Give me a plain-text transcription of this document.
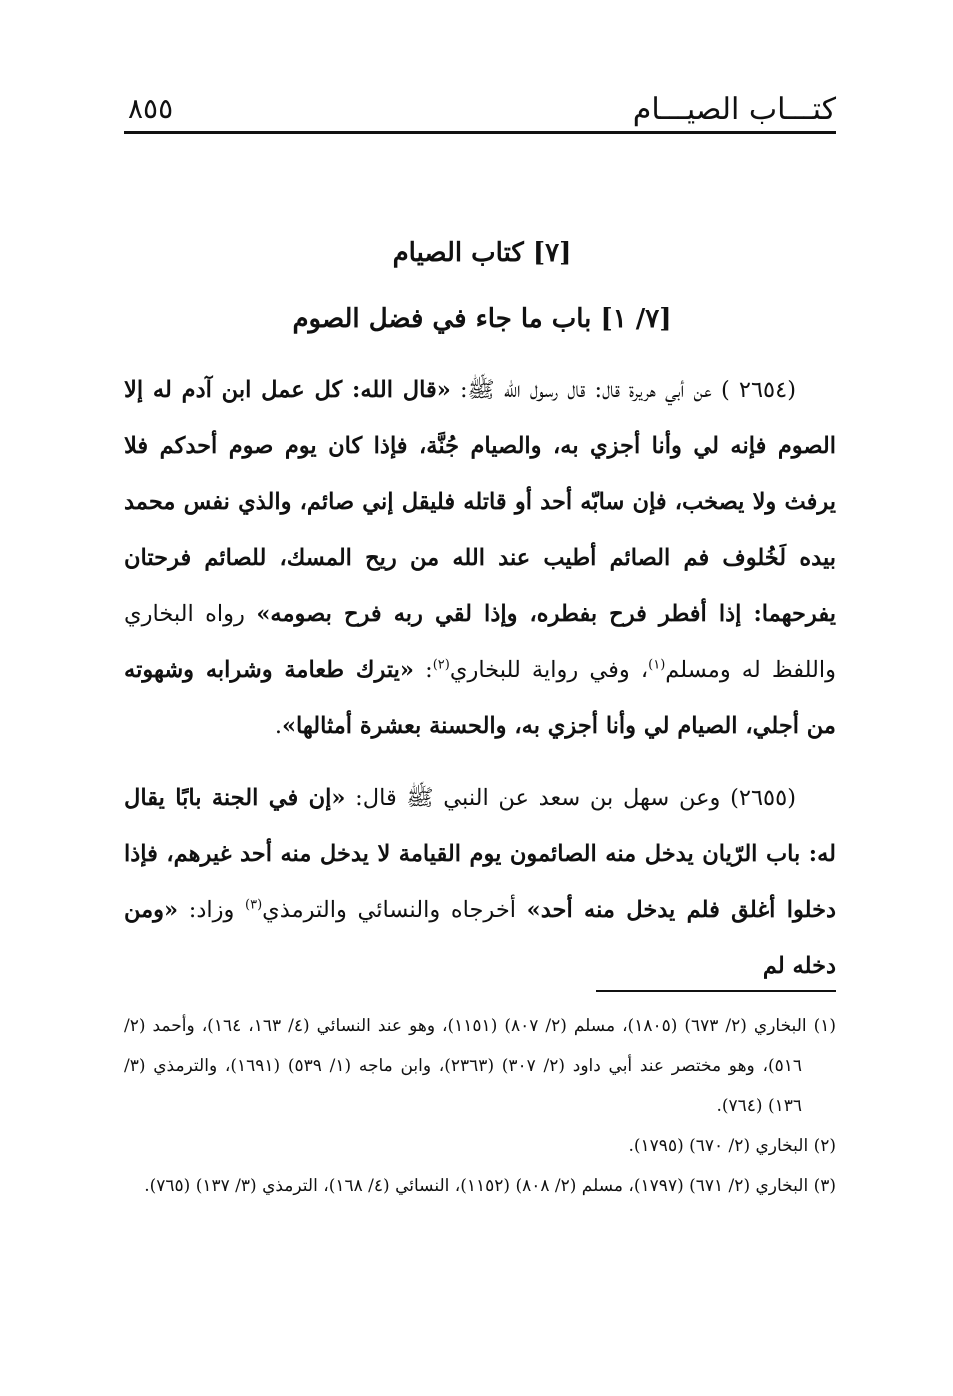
كتـــاب الصيـــام
٨٥٥
[٧] كتاب الصيام
[٧/ ١] باب ما جاء في فضل الصوم

(٢٦٥٤ ) عن أبي هريرة قال: قال رسول الله ﷺ: «قال الله: كل عمل ابن آدم له إلا الصوم فإنه لي وأنا أجزي به، والصيام جُنَّة، فإذا كان يوم صوم أحدكم فلا يرفث ولا يصخب، فإن سابّه أحد أو قاتله فليقل إني صائم، والذي نفس محمد بيده لَخُلوف فم الصائم أطيب عند الله من ريح المسك، للصائم فرحتان يفرحهما: إذا أفطر فرح بفطره، وإذا لقي ربه فرح بصومه» رواه البخاري واللفظ له ومسلم$^{(١)}$، وفي رواية للبخاري$^{(٢)}$: «يترك طعامة وشرابه وشهوته من أجلي، الصيام لي وأنا أجزي به، والحسنة بعشرة أمثالها».

(٢٦٥٥) وعن سهل بن سعد عن النبي ﷺ قال: «إن في الجنة بابًا يقال له: باب الرّيان يدخل منه الصائمون يوم القيامة لا يدخل منه أحد غيرهم، فإذا دخلوا أغلق فلم يدخل منه أحد» أخرجاه والنسائي والترمذي$^{(٣)}$ وزاد: «ومن دخله لم

(١) البخاري (٢/ ٦٧٣) (١٨٠٥)، مسلم (٢/ ٨٠٧) (١١٥١)، وهو عند النسائي (٤/ ١٦٣، ١٦٤)، وأحمد (٢/ ٥١٦)، وهو مختصر عند أبي داود (٢/ ٣٠٧) (٢٣٦٣)، وابن ماجه (١/ ٥٣٩) (١٦٩١)، والترمذي (٣/ ١٣٦) (٧٦٤).

(٢) البخاري (٢/ ٦٧٠) (١٧٩٥).

(٣) البخاري (٢/ ٦٧١) (١٧٩٧)، مسلم (٢/ ٨٠٨) (١١٥٢)، النسائي (٤/ ١٦٨)، الترمذي (٣/ ١٣٧) (٧٦٥).
